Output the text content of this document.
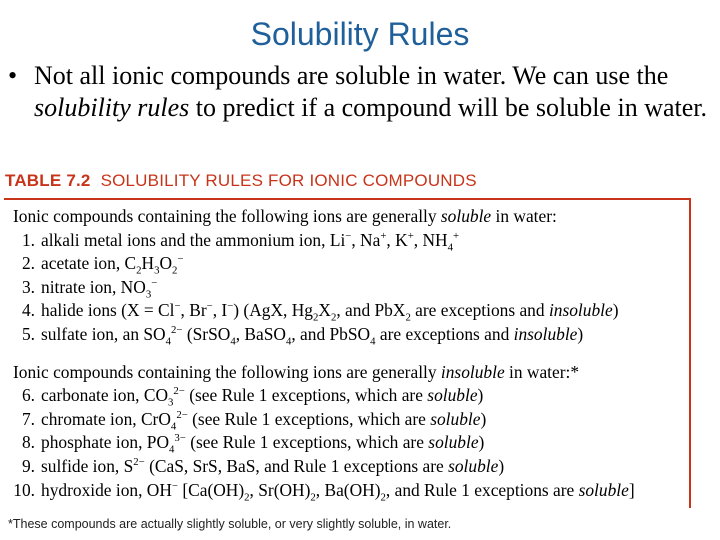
Solubility Rules
• Not all ionic compounds are soluble in water. We can use the solubility rules to predict if a compound will be soluble in water.
TABLE 7.2 SOLUBILITY RULES FOR IONIC COMPOUNDS
Ionic compounds containing the following ions are generally soluble in water:
1. alkali metal ions and the ammonium ion, Li−, Na+, K+, $NH_4^+$
2. acetate ion, $C_2H_3O_2^-$
3. nitrate ion, $NO_3^-$
4. halide ions (X = Cl−, Br−, I−) (AgX, $Hg_2X_2$, and PbX$_2$ are exceptions and insoluble)
5. sulfate ion, an $SO_4^{2-}$ (SrSO$_4$, BaSO$_4$, and PbSO$_4$ are exceptions and insoluble)
Ionic compounds containing the following ions are generally insoluble in water:*
6. carbonate ion, $CO_3^{2-}$ (see Rule 1 exceptions, which are soluble)
7. chromate ion, CrO$_4^{2-}$ (see Rule 1 exceptions, which are soluble)
8. phosphate ion, $PO_4^{3-}$ (see Rule 1 exceptions, which are soluble)
9. sulfide ion, $S^{2-}$ (CaS, SrS, BaS, and Rule 1 exceptions are soluble)
10. hydroxide ion, OH− [$Ca(OH)_2$, $Sr(OH)_2$, $Ba(OH)_2$, and Rule 1 exceptions are soluble]
*These compounds are actually slightly soluble, or very slightly soluble, in water.
